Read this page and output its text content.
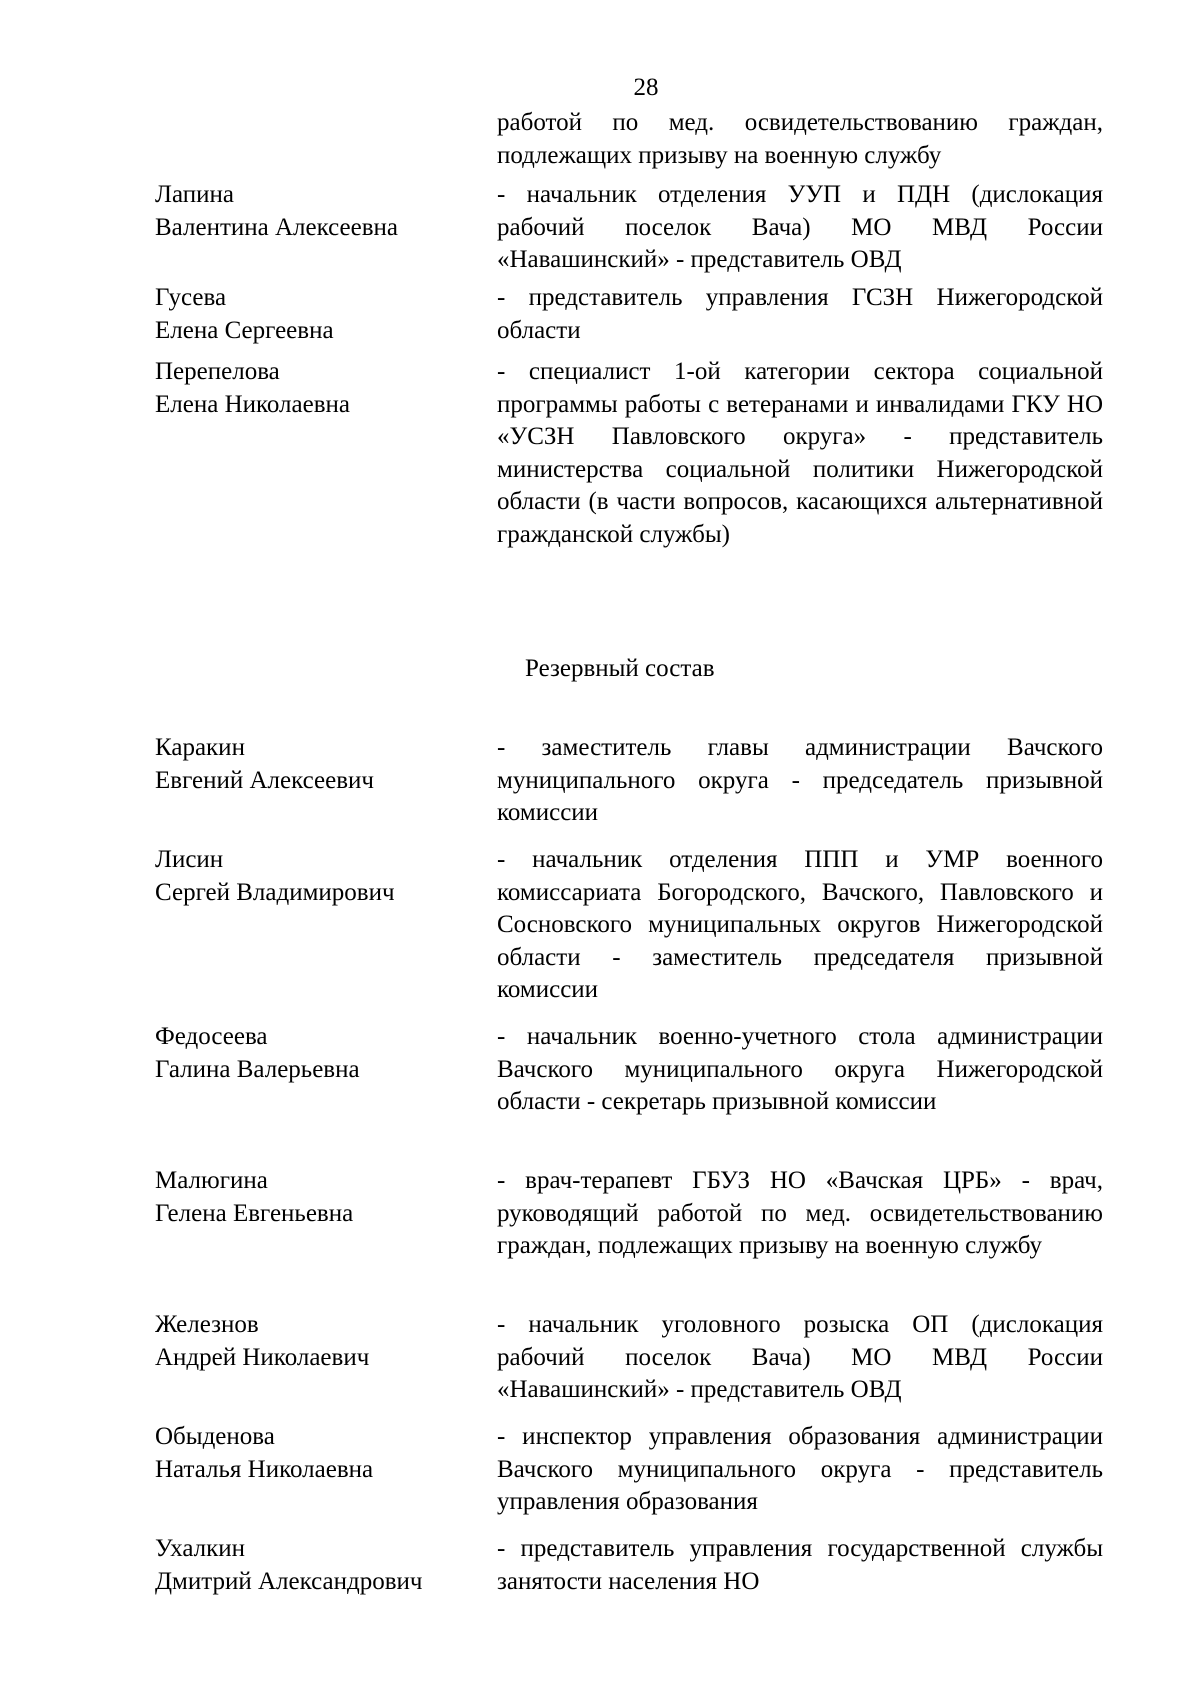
28
работой по мед. освидетельствованию граждан, подлежащих призыву на военную службу
Лапина
Валентина Алексеевна
- начальник отделения УУП и ПДН (дислокация рабочий поселок Вача) МО МВД России «Навашинский» - представитель ОВД
Гусева
Елена Сергеевна
- представитель управления ГСЗН Нижегородской области
Перепелова
Елена Николаевна
- специалист 1-ой категории сектора социальной программы работы с ветеранами и инвалидами ГКУ НО «УСЗН Павловского округа» - представитель министерства социальной политики Нижегородской области (в части вопросов, касающихся альтернативной гражданской службы)
Резервный состав
Каракин
Евгений Алексеевич
- заместитель главы администрации Вачского муниципального округа - председатель призывной комиссии
Лисин
Сергей Владимирович
- начальник отделения ППП и УМР военного комиссариата Богородского, Вачского, Павловского и Сосновского муниципальных округов Нижегородской области - заместитель председателя призывной комиссии
Федосеева
Галина Валерьевна
- начальник военно-учетного стола администрации Вачского муниципального округа Нижегородской области - секретарь призывной комиссии
Малюгина
Гелена Евгеньевна
- врач-терапевт ГБУЗ НО «Вачская ЦРБ» - врач, руководящий работой по мед. освидетельствованию граждан, подлежащих призыву на военную службу
Железнов
Андрей Николаевич
- начальник уголовного розыска ОП (дислокация рабочий поселок Вача) МО МВД России «Навашинский» - представитель ОВД
Обыденова
Наталья Николаевна
- инспектор управления образования администрации Вачского муниципального округа - представитель управления образования
Ухалкин
Дмитрий Александрович
- представитель управления государственной службы занятости населения НО
